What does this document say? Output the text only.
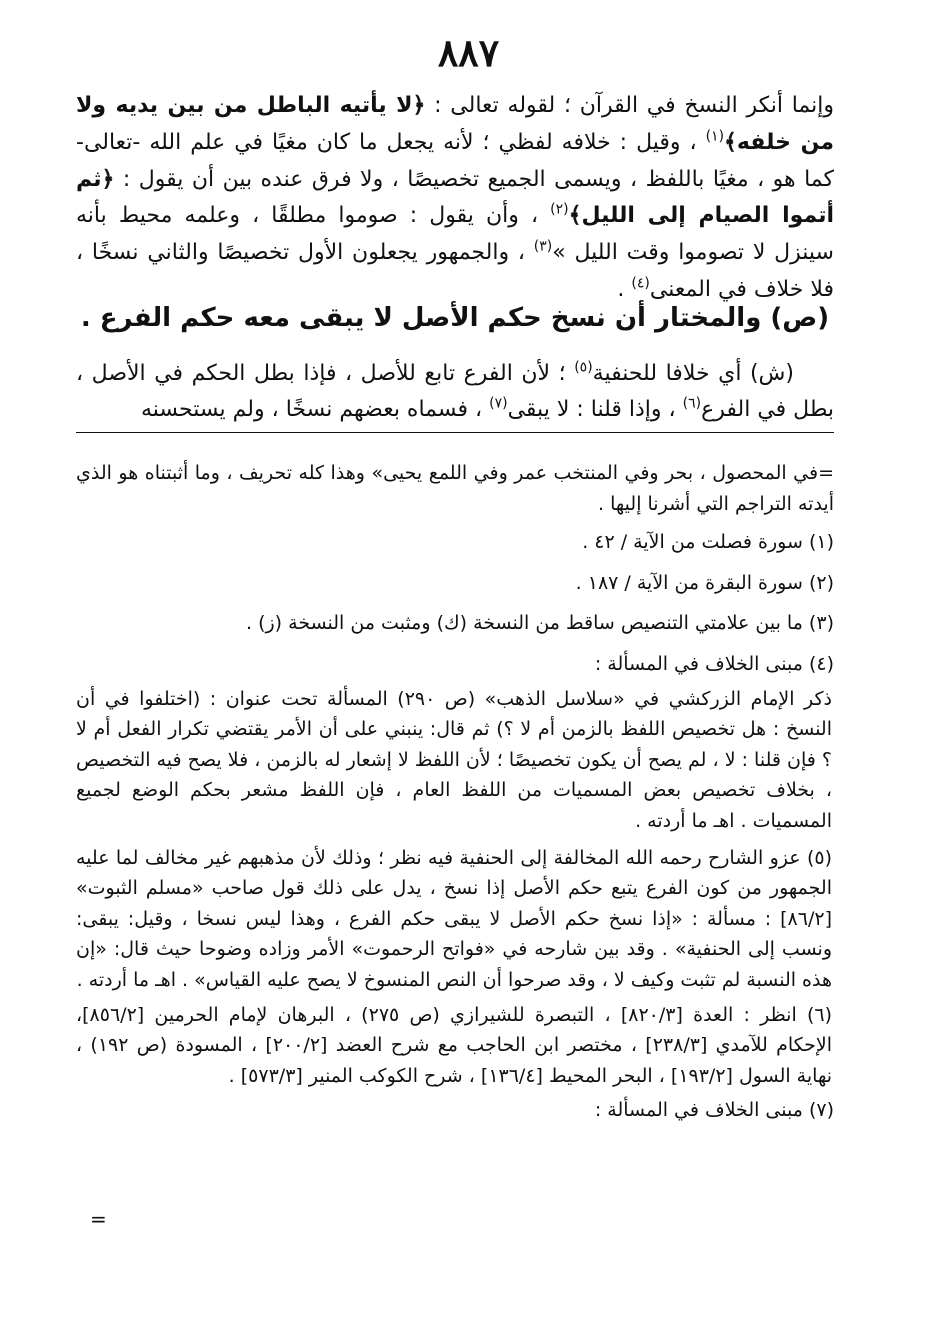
٨٨٧
وإنما أنكر النسخ في القرآن ؛ لقوله تعالى : ﴿لا يأتيه الباطل من بين يديه ولا من خلفه﴾$^{(١)}$ ، وقيل : خلافه لفظي ؛ لأنه يجعل ما كان مغيًا في علم الله -تعالى- كما هو ، مغيًا باللفظ ، ويسمى الجميع تخصيصًا ، ولا فرق عنده بين أن يقول : ﴿ثم أتموا الصيام إلى الليل﴾$^{(٢)}$ ، وأن يقول : صوموا مطلقًا ، وعلمه محيط بأنه سينزل لا تصوموا وقت الليل »$^{(٣)}$ ، والجمهور يجعلون الأول تخصيصًا والثاني نسخًا ، فلا خلاف في المعنى$^{(٤)}$ .
(ص) والمختار أن نسخ حكم الأصل لا يبقى معه حكم الفرع .

(ش) أي خلافا للحنفية$^{(٥)}$ ؛ لأن الفرع تابع للأصل ، فإذا بطل الحكم في الأصل ، بطل في الفرع$^{(٦)}$ ، وإذا قلنا : لا يبقى$^{(٧)}$ ، فسماه بعضهم نسخًا ، ولم يستحسنه

=في المحصول ، بحر وفي المنتخب عمر وفي اللمع يحيى» وهذا كله تحريف ، وما أثبتناه هو الذي أيدته التراجم التي أشرنا إليها .

(١) سورة فصلت من الآية / ٤٢ .

(٢) سورة البقرة من الآية / ١٨٧ .

(٣) ما بين علامتي التنصيص ساقط من النسخة (ك) ومثبت من النسخة (ز) .

(٤) مبنى الخلاف في المسألة :

ذكر الإمام الزركشي في «سلاسل الذهب» (ص ٢٩٠) المسألة تحت عنوان : (اختلفوا في أن النسخ : هل تخصيص اللفظ بالزمن أم لا ؟) ثم قال: ينبني على أن الأمر يقتضي تكرار الفعل أم لا ؟ فإن قلنا : لا ، لم يصح أن يكون تخصيصًا ؛ لأن اللفظ لا إشعار له بالزمن ، فلا يصح فيه التخصيص ، بخلاف تخصيص بعض المسميات من اللفظ العام ، فإن اللفظ مشعر بحكم الوضع لجميع المسميات . اهـ ما أردته .

(٥) عزو الشارح رحمه الله المخالفة إلى الحنفية فيه نظر ؛ وذلك لأن مذهبهم غير مخالف لما عليه الجمهور من كون الفرع يتبع حكم الأصل إذا نسخ ، يدل على ذلك قول صاحب «مسلم الثبوت» [٨٦/٢] : مسألة : «إذا نسخ حكم الأصل لا يبقى حكم الفرع ، وهذا ليس نسخا ، وقيل: يبقى: ونسب إلى الحنفية» . وقد بين شارحه في «فواتح الرحموت» الأمر وزاده وضوحا حيث قال: «إن هذه النسبة لم تثبت وكيف لا ، وقد صرحوا أن النص المنسوخ لا يصح عليه القياس» . اهـ ما أردته .

(٦) انظر : العدة [٨٢٠/٣] ، التبصرة للشيرازي (ص ٢٧٥) ، البرهان لإمام الحرمين [٨٥٦/٢]، الإحكام للآمدي [٢٣٨/٣] ، مختصر ابن الحاجب مع شرح العضد [٢٠٠/٢] ، المسودة (ص ١٩٢) ، نهاية السول [١٩٣/٢] ، البحر المحيط [١٣٦/٤] ، شرح الكوكب المنير [٥٧٣/٣] .

(٧) مبنى الخلاف في المسألة :

=
